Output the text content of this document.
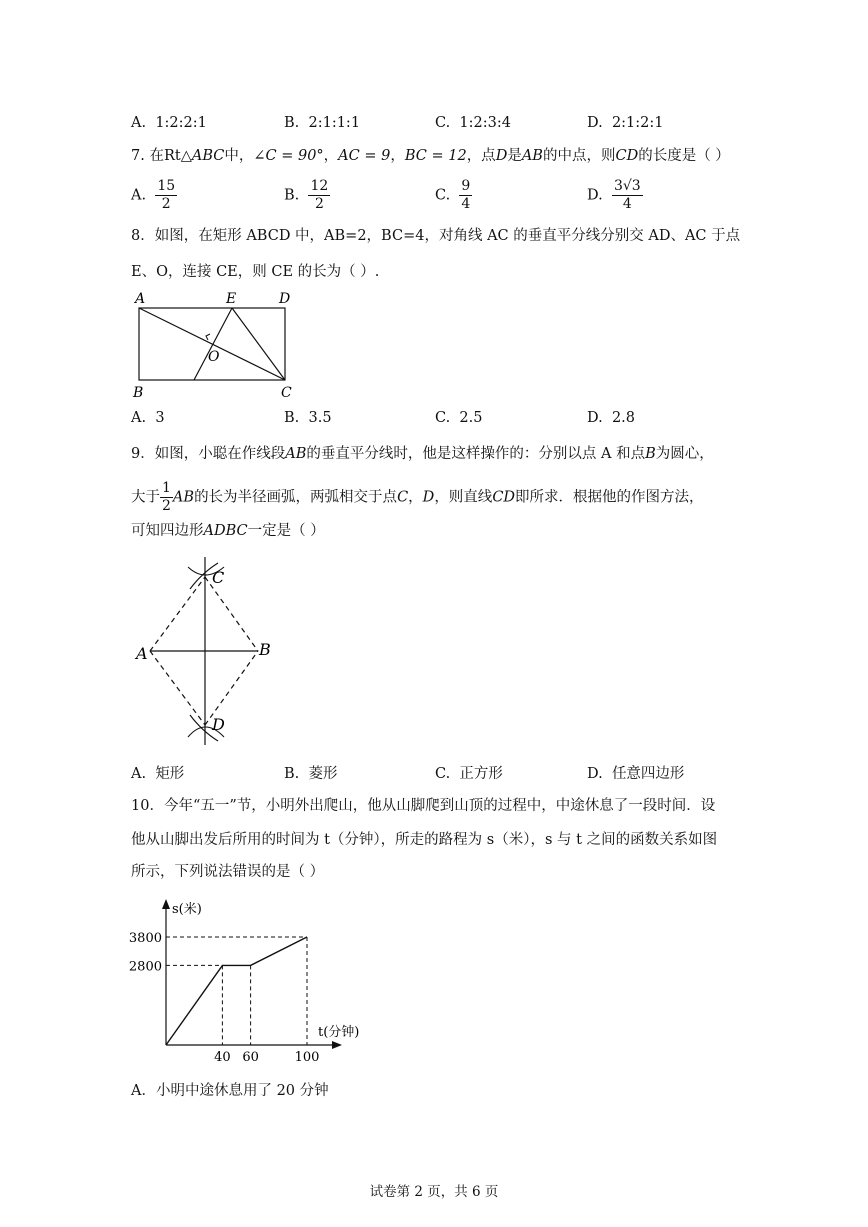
A. 1:2:2:1	B. 2:1:1:1	C. 1:2:3:4	D. 2:1:2:1
7. 在Rt△ABC中，∠C = 90°，AC = 9，BC = 12，点D是AB的中点，则CD的长度是（ ）
A. $\frac{15}{2}$	B. $\frac{12}{2}$	C. $\frac{9}{4}$	D. $\frac{3√3}{4}$
8．如图，在矩形 ABCD 中，AB=2，BC=4，对角线 AC 的垂直平分线分别交 AD、AC 于点
E、O，连接 CE，则 CE 的长为（ ）.
A	E	D
O
B	C
A. 3	B. 3.5	C. 2.5	D. 2.8
9．如图，小聪在作线段AB的垂直平分线时，他是这样操作的：分别以点 A 和点B为圆心，
大于 $\frac{1}{2}$ AB的长为半径画弧，两弧相交于点C，D，则直线CD即所求．根据他的作图方法，
可知四边形ADBC一定是（ ）
C
A	B
D
A. 矩形	B. 菱形	C. 正方形	D. 任意四边形
10．今年“五一”节，小明外出爬山，他从山脚爬到山顶的过程中，中途休息了一段时间．设
他从山脚出发后所用的时间为 t（分钟），所走的路程为 s（米），s 与 t 之间的函数关系如图
所示，下列说法错误的是（ ）
s(米)
t(分钟)
40 60	100
3800
2800
A．小明中途休息用了 20 分钟
试卷第 2 页，共 6 页
